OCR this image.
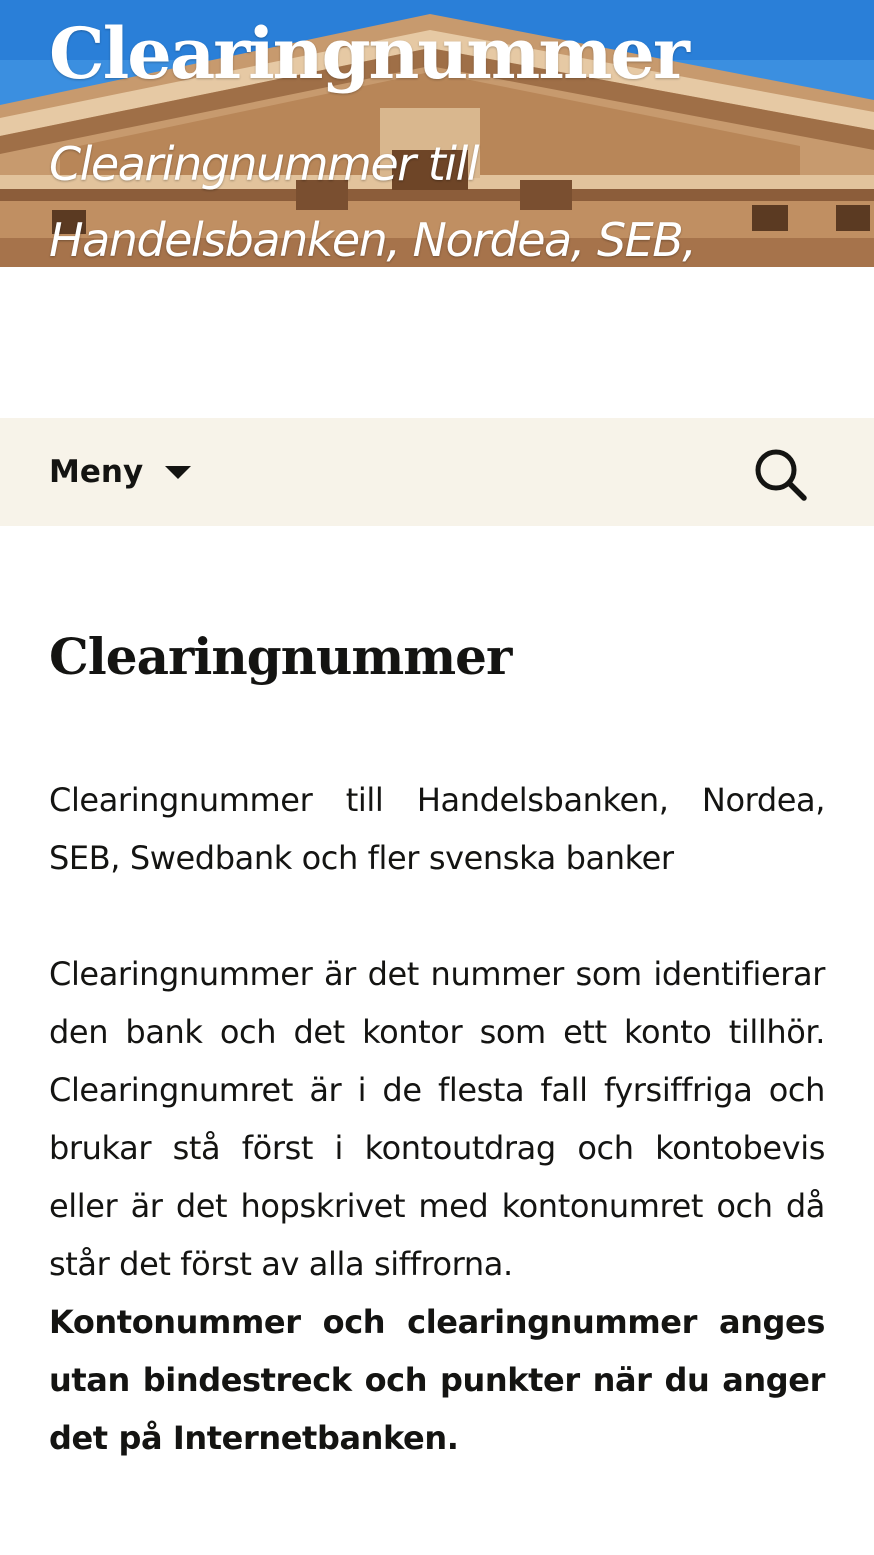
Clearingnummer

Clearingnummer till Handelsbanken, Nordea, SEB,

Meny
Clearingnummer

Clearingnummer till Handelsbanken, Nordea, SEB, Swedbank och fler svenska banker

Clearingnummer är det nummer som identifierar den bank och det kontor som ett konto tillhör. Clearingnumret är i de flesta fall fyrsiffriga och brukar stå först i kontoutdrag och kontobevis eller är det hopskrivet med kontonumret och då står det först av alla siffrorna.

Kontonummer och clearingnummer anges utan bindestreck och punkter när du anger det på Internetbanken.
